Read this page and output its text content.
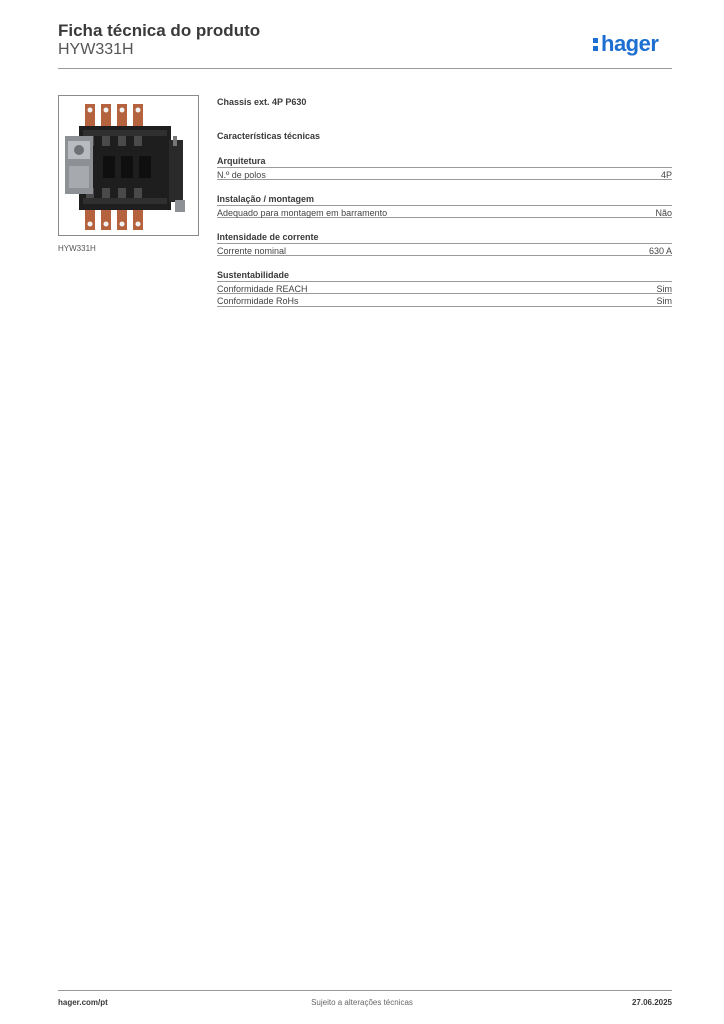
Ficha técnica do produto
HYW331H	hager
HYW331H
Chassis ext. 4P P630
Características técnicas
Arquitetura
N.º de polos	4P
Instalação / montagem
Adequado para montagem em barramento	Não
Intensidade de corrente
Corrente nominal	630 A
Sustentabilidade
Conformidade REACH	Sim
Conformidade RoHs	Sim
hager.com/pt	Sujeito a alterações técnicas	27.06.2025
